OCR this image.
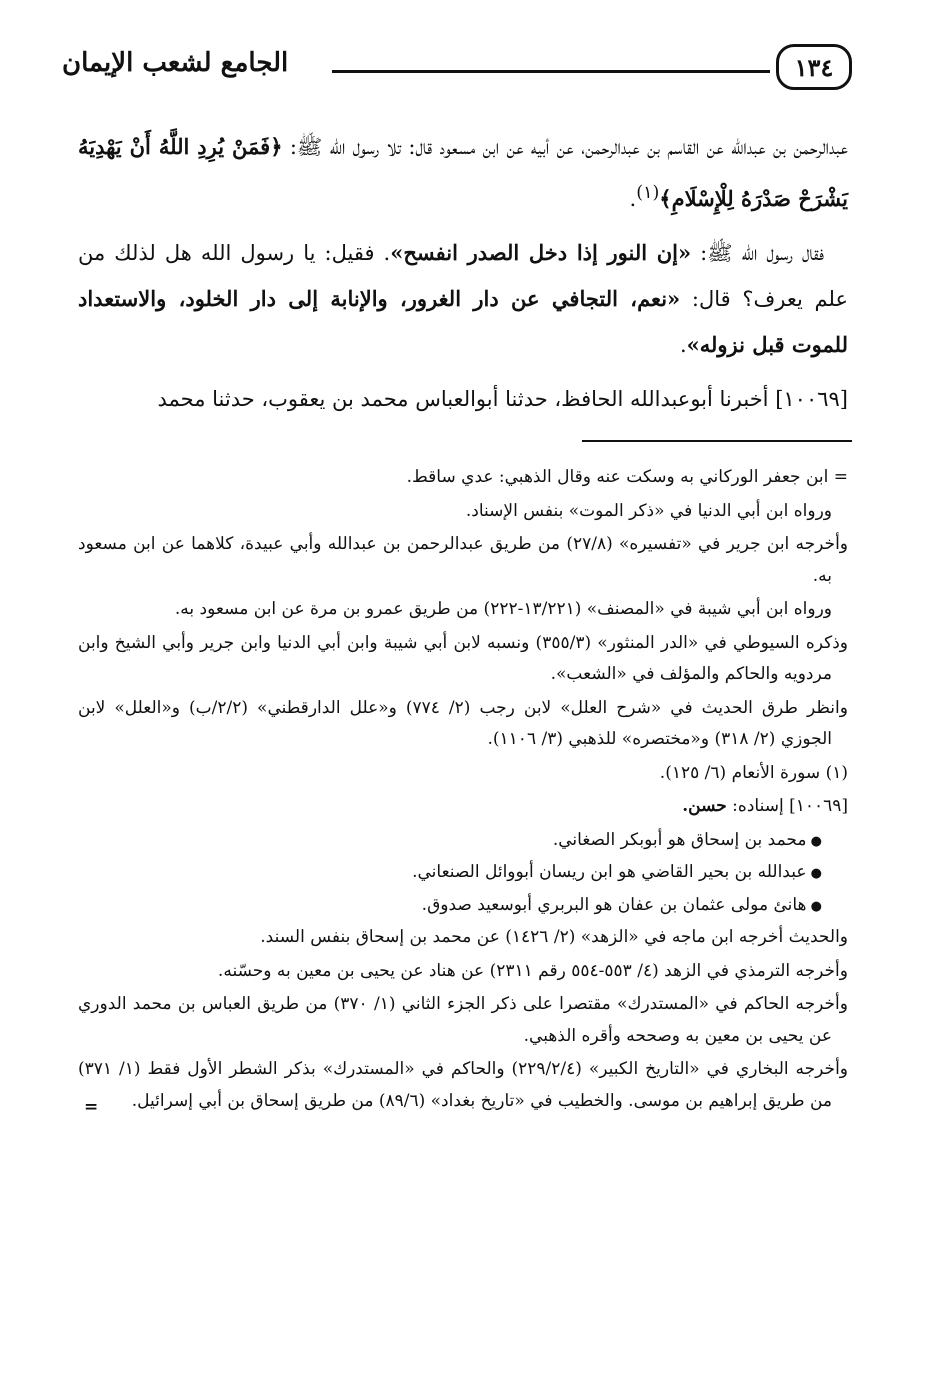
الجامع لشعب الإيمان	١٣٤

عبدالرحمن بن عبدالله عن القاسم بن عبدالرحمن، عن أبيه عن ابن مسعود قال: تلا رسول الله ﷺ: ﴿فَمَنْ يُرِدِ اللَّهُ أَنْ يَهْدِيَهُ يَشْرَحْ صَدْرَهُ لِلْإِسْلَامِ﴾$^{(١)}$.

فقال رسول الله ﷺ: «إن النور إذا دخل الصدر انفسح». فقيل: يا رسول الله هل لذلك من علم يعرف؟ قال: «نعم، التجافي عن دار الغرور، والإنابة إلى دار الخلود، والاستعداد للموت قبل نزوله».

[١٠٠٦٩] أخبرنا أبوعبدالله الحافظ، حدثنا أبوالعباس محمد بن يعقوب، حدثنا محمد

= ابن جعفر الوركاني به وسكت عنه وقال الذهبي: عدي ساقط.

ورواه ابن أبي الدنيا في «ذكر الموت» بنفس الإسناد.

وأخرجه ابن جرير في «تفسيره» (٢٧/٨) من طريق عبدالرحمن بن عبدالله وأبي عبيدة، كلاهما عن ابن مسعود به.

ورواه ابن أبي شيبة في «المصنف» (١٣/٢٢١-٢٢٢) من طريق عمرو بن مرة عن ابن مسعود به.

وذكره السيوطي في «الدر المنثور» (٣٥٥/٣) ونسبه لابن أبي شيبة وابن أبي الدنيا وابن جرير وأبي الشيخ وابن مردويه والحاكم والمؤلف في «الشعب».

وانظر طرق الحديث في «شرح العلل» لابن رجب (٢/ ٧٧٤) و«علل الدارقطني» (٢/٢/ب) و«العلل» لابن الجوزي (٢/ ٣١٨) و«مختصره» للذهبي (٣/ ١١٠٦).

(١) سورة الأنعام (٦/ ١٢٥).

[١٠٠٦٩] إسناده: حسن.

● محمد بن إسحاق هو أبوبكر الصغاني.
● عبدالله بن بحير القاضي هو ابن ريسان أبووائل الصنعاني.
● هانئ مولى عثمان بن عفان هو البربري أبوسعيد صدوق.

والحديث أخرجه ابن ماجه في «الزهد» (٢/ ١٤٢٦) عن محمد بن إسحاق بنفس السند.

وأخرجه الترمذي في الزهد (٤/ ٥٥٣-٥٥٤ رقم ٢٣١١) عن هناد عن يحيى بن معين به وحسّنه.

وأخرجه الحاكم في «المستدرك» مقتصرا على ذكر الجزء الثاني (١/ ٣٧٠) من طريق العباس بن محمد الدوري عن يحيى بن معين به وصححه وأقره الذهبي.

وأخرجه البخاري في «التاريخ الكبير» (٢٢٩/٢/٤) والحاكم في «المستدرك» بذكر الشطر الأول فقط (١/ ٣٧١) من طريق إبراهيم بن موسى. والخطيب في «تاريخ بغداد» (٨٩/٦) من طريق إسحاق بن أبي إسرائيل.

=
